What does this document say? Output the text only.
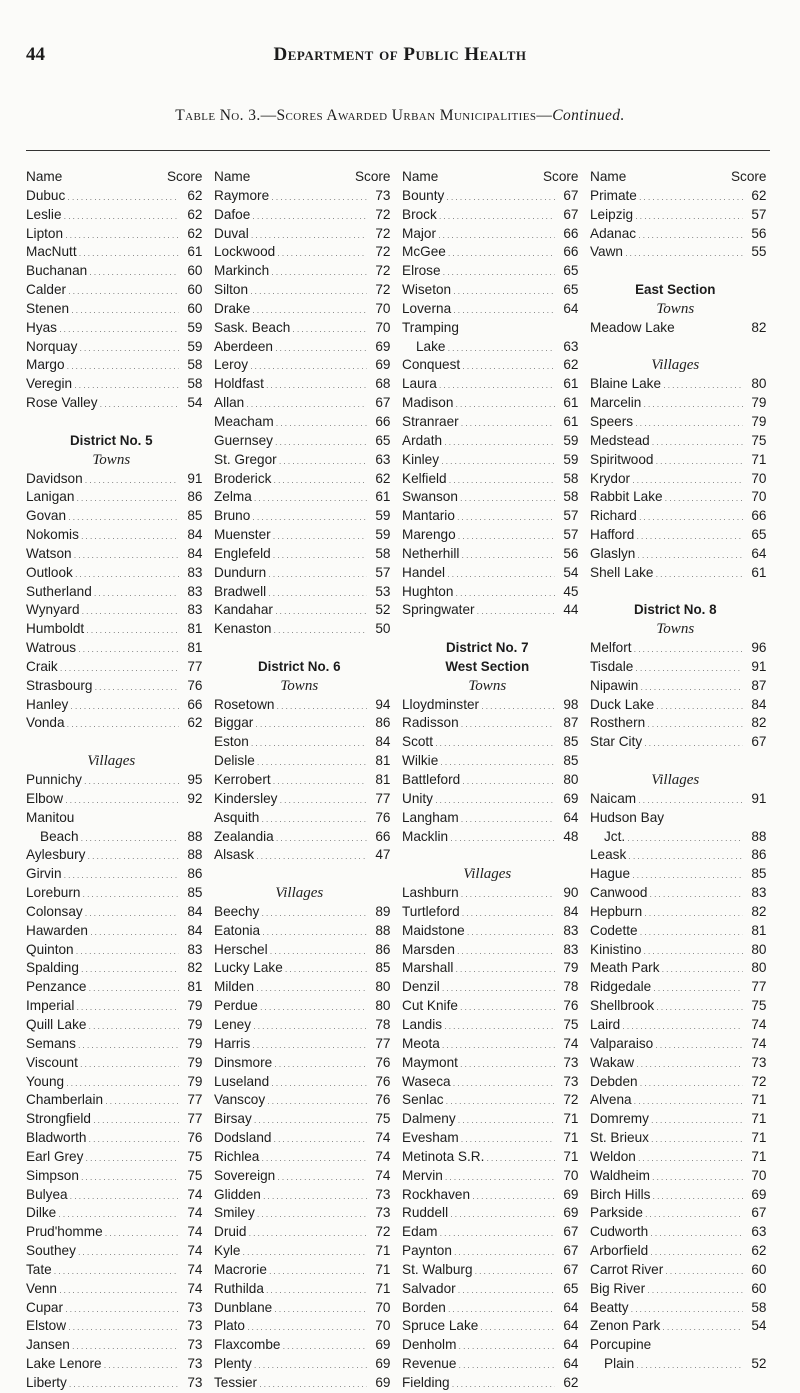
44	Department of Public Health
Table No. 3.—Scores Awarded Urban Municipalities—Continued.
Name	Score
Dubuc . . .	62
Leslie . . .	62
Lipton . . .	62
MacNutt . . .	61
Buchanan . . .	60
Calder . . .	60
Stenen . . .	60
Hyas . . .	59
Norquay . . .	59
Margo . . .	58
Veregin . . .	58
Rose Valley . . .	54
District No. 5
Towns
Davidson . . .	91
Lanigan . . .	86
Govan . . .	85
Nokomis . . .	84
Watson . . .	84
Outlook . . .	83
Sutherland . . .	83
Wynyard . . .	83
Humboldt . . .	81
Watrous . . .	81
Craik . . .	77
Strasbourg . . .	76
Hanley . . .	66
Vonda . . .	62
Villages
Punnichy . . .	95
Elbow . . .	92
Manitou
Beach . . .	88
Aylesbury . . .	88
Girvin . . .	86
Loreburn . . .	85
Colonsay . . .	84
Hawarden . . .	84
Quinton . . .	83
Spalding . . .	82
Penzance . . .	81
Imperial . . .	79
Quill Lake . . .	79
Semans . . .	79
Viscount . . .	79
Young . . .	79
Chamberlain . . .	77
Strongfield . . .	77
Bladworth . . .	76
Earl Grey . . .	75
Simpson . . .	75
Bulyea . . .	74
Dilke . . .	74
Prud'homme . . .	74
Southey . . .	74
Tate . . .	74
Venn . . .	74
Cupar . . .	73
Elstow . . .	73
Jansen . . .	73
Lake Lenore . . .	73
Liberty . . .	73
Name	Score
Raymore . . .	73
Dafoe . . .	72
Duval . . .	72
Lockwood . . .	72
Markinch . . .	72
Silton . . .	72
Drake . . .	70
Sask. Beach . . .	70
Aberdeen . . .	69
Leroy . . .	69
Holdfast . . .	68
Allan . . .	67
Meacham . . .	66
Guernsey . . .	65
St. Gregor . . .	63
Broderick . . .	62
Zelma . . .	61
Bruno . . .	59
Muenster . . .	59
Englefeld . . .	58
Dundurn . . .	57
Bradwell . . .	53
Kandahar . . .	52
Kenaston . . .	50
District No. 6
Towns
Rosetown . . .	94
Biggar . . .	86
Eston . . .	84
Delisle . . .	81
Kerrobert . . .	81
Kindersley . . .	77
Asquith . . .	76
Zealandia . . .	66
Alsask . . .	47
Villages
Beechy . . .	89
Eatonia . . .	88
Herschel . . .	86
Lucky Lake . . .	85
Milden . . .	80
Perdue . . .	80
Leney . . .	78
Harris . . .	77
Dinsmore . . .	76
Luseland . . .	76
Vanscoy . . .	76
Birsay . . .	75
Dodsland . . .	74
Richlea . . .	74
Sovereign . . .	74
Glidden . . .	73
Smiley . . .	73
Druid . . .	72
Kyle . . .	71
Macrorie . . .	71
Ruthilda . . .	71
Dunblane . . .	70
Plato . . .	70
Flaxcombe . . .	69
Plenty . . .	69
Tessier . . .	69
Name	Score
Bounty . . .	67
Brock . . .	67
Major . . .	66
McGee . . .	66
Elrose . . .	65
Wiseton . . .	65
Loverna . . .	64
Tramping
Lake . . .	63
Conquest . . .	62
Laura . . .	61
Madison . . .	61
Stranraer . . .	61
Ardath . . .	59
Kinley . . .	59
Kelfield . . .	58
Swanson . . .	58
Mantario . . .	57
Marengo . . .	57
Netherhill . . .	56
Handel . . .	54
Hughton . . .	45
Springwater . . .	44
District No. 7
West Section
Towns
Lloydminster . . .	98
Radisson . . .	87
Scott . . .	85
Wilkie . . .	85
Battleford . . .	80
Unity . . .	69
Langham . . .	64
Macklin . . .	48
Villages
Lashburn . . .	90
Turtleford . . .	84
Maidstone . . .	83
Marsden . . .	83
Marshall . . .	79
Denzil . . .	78
Cut Knife . . .	76
Landis . . .	75
Meota . . .	74
Maymont . . .	73
Waseca . . .	73
Senlac . . .	72
Dalmeny . . .	71
Evesham . . .	71
Metinota S.R. . . .	71
Mervin . . .	70
Rockhaven . . .	69
Ruddell . . .	69
Edam . . .	67
Paynton . . .	67
St. Walburg . . .	67
Salvador . . .	65
Borden . . .	64
Spruce Lake . . .	64
Denholm . . .	64
Revenue . . .	64
Fielding . . .	62
Name	Score
Primate . . .	62
Leipzig . . .	57
Adanac . . .	56
Vawn . . .	55
East Section
Towns
Meadow Lake	82
Villages
Blaine Lake . . .	80
Marcelin . . .	79
Speers . . .	79
Medstead . . .	75
Spiritwood . . .	71
Krydor . . .	70
Rabbit Lake . . .	70
Richard . . .	66
Hafford . . .	65
Glaslyn . . .	64
Shell Lake . . .	61
District No. 8
Towns
Melfort . . .	96
Tisdale . . .	91
Nipawin . . .	87
Duck Lake . . .	84
Rosthern . . .	82
Star City . . .	67
Villages
Naicam . . .	91
Hudson Bay
Jct. . . .	88
Leask . . .	86
Hague . . .	85
Canwood . . .	83
Hepburn . . .	82
Codette . . .	81
Kinistino . . .	80
Meath Park . . .	80
Ridgedale . . .	77
Shellbrook . . .	75
Laird . . .	74
Valparaiso . . .	74
Wakaw . . .	73
Debden . . .	72
Alvena . . .	71
Domremy . . .	71
St. Brieux . . .	71
Weldon . . .	71
Waldheim . . .	70
Birch Hills . . .	69
Parkside . . .	67
Cudworth . . .	63
Arborfield . . .	62
Carrot River . . .	60
Big River . . .	60
Beatty . . .	58
Zenon Park . . .	54
Porcupine
Plain . . .	52
